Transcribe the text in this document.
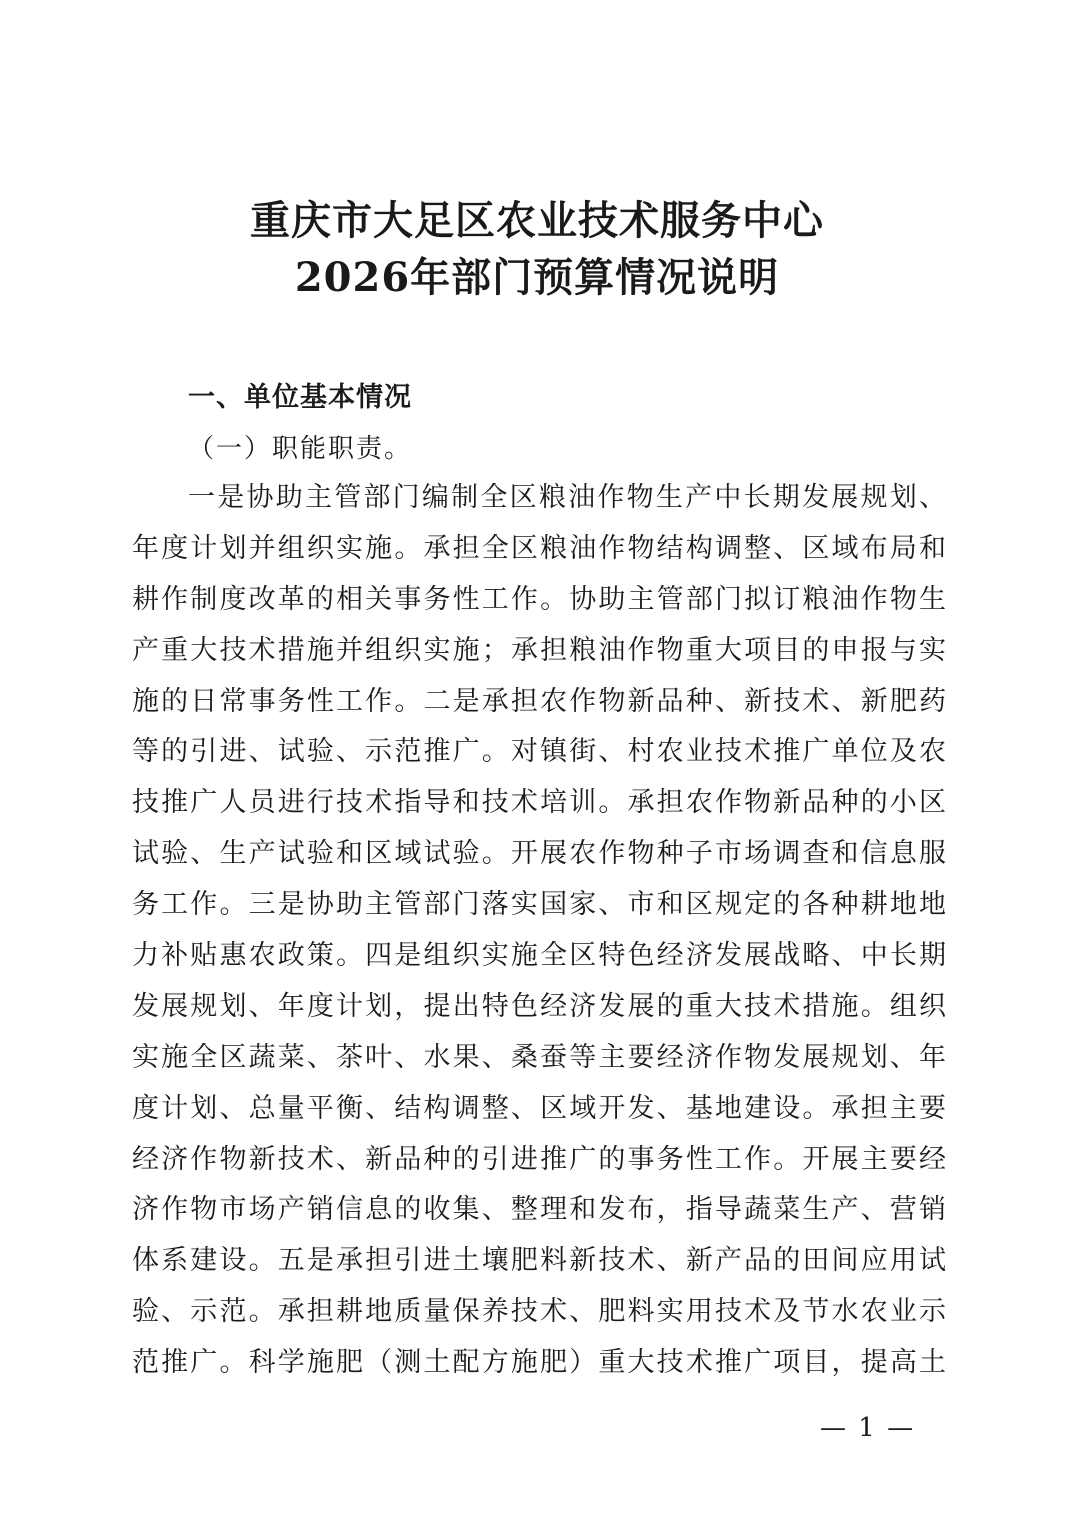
重庆市大足区农业技术服务中心
2026年部门预算情况说明
一、单位基本情况
（一）职能职责。
一是协助主管部门编制全区粮油作物生产中长期发展规划、
年度计划并组织实施。承担全区粮油作物结构调整、区域布局和
耕作制度改革的相关事务性工作。协助主管部门拟订粮油作物生
产重大技术措施并组织实施；承担粮油作物重大项目的申报与实
施的日常事务性工作。二是承担农作物新品种、新技术、新肥药
等的引进、试验、示范推广。对镇街、村农业技术推广单位及农
技推广人员进行技术指导和技术培训。承担农作物新品种的小区
试验、生产试验和区域试验。开展农作物种子市场调查和信息服
务工作。三是协助主管部门落实国家、市和区规定的各种耕地地
力补贴惠农政策。四是组织实施全区特色经济发展战略、中长期
发展规划、年度计划，提出特色经济发展的重大技术措施。组织
实施全区蔬菜、茶叶、水果、桑蚕等主要经济作物发展规划、年
度计划、总量平衡、结构调整、区域开发、基地建设。承担主要
经济作物新技术、新品种的引进推广的事务性工作。开展主要经
济作物市场产销信息的收集、整理和发布，指导蔬菜生产、营销
体系建设。五是承担引进土壤肥料新技术、新产品的田间应用试
验、示范。承担耕地质量保养技术、肥料实用技术及节水农业示
范推广。科学施肥（测土配方施肥）重大技术推广项目，提高土
— 1 —
